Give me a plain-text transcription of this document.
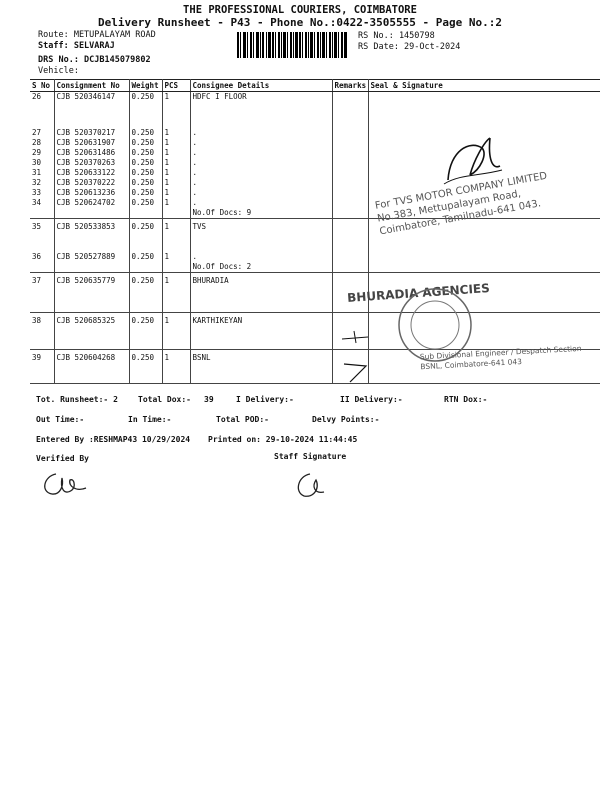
THE PROFESSIONAL COURIERS, COIMBATORE
Delivery Runsheet - P43 - Phone No.:0422-3505555 - Page No.:2
Route: METUPALAYAM ROAD
Staff: SELVARAJ
DRS No.: DCJB145079802
Vehicle:
RS No.: 1450798
RS Date: 29-Oct-2024
S No	Consignment No	Weight	PCS	Consignee Details	Remarks	Seal & Signature
26	CJB 520346147	0.250	1	HDFC I FLOOR		

27	CJB 520370217	0.250	1	.		
28	CJB 520631907	0.250	1	.		
29	CJB 520631486	0.250	1	.		
30	CJB 520370263	0.250	1	.		
31	CJB 520633122	0.250	1	.		
32	CJB 520370222	0.250	1	.		
33	CJB 520613236	0.250	1	.		
34	CJB 520624702	0.250	1	.		
				No.Of Docs: 9		
35	CJB 520533853	0.250	1	TVS		

36	CJB 520527889	0.250	1	.		
				No.Of Docs: 2		
37	CJB 520635779	0.250	1	BHURADIA		

38	CJB 520685325	0.250	1	KARTHIKEYAN		

39	CJB 520604268	0.250	1	BSNL		

For TVS MOTOR COMPANY LIMITED No.383, Mettupalayam Road, Coimbatore, Tamilnadu-641 043.
BHURADIA AGENCIES
Sub Divisional Engineer / Despatch Section BSNL, Coimbatore-641 043
Tot. Runsheet:- 2	Total Dox:- 39	I Delivery:-	II Delivery:-	RTN Dox:-
Out Time:-	In Time:-	Total POD:-	Delvy Points:-
Entered By :RESHMAP43 10/29/2024 Printed on: 29-10-2024 11:44:45
Verified By	Staff Signature
